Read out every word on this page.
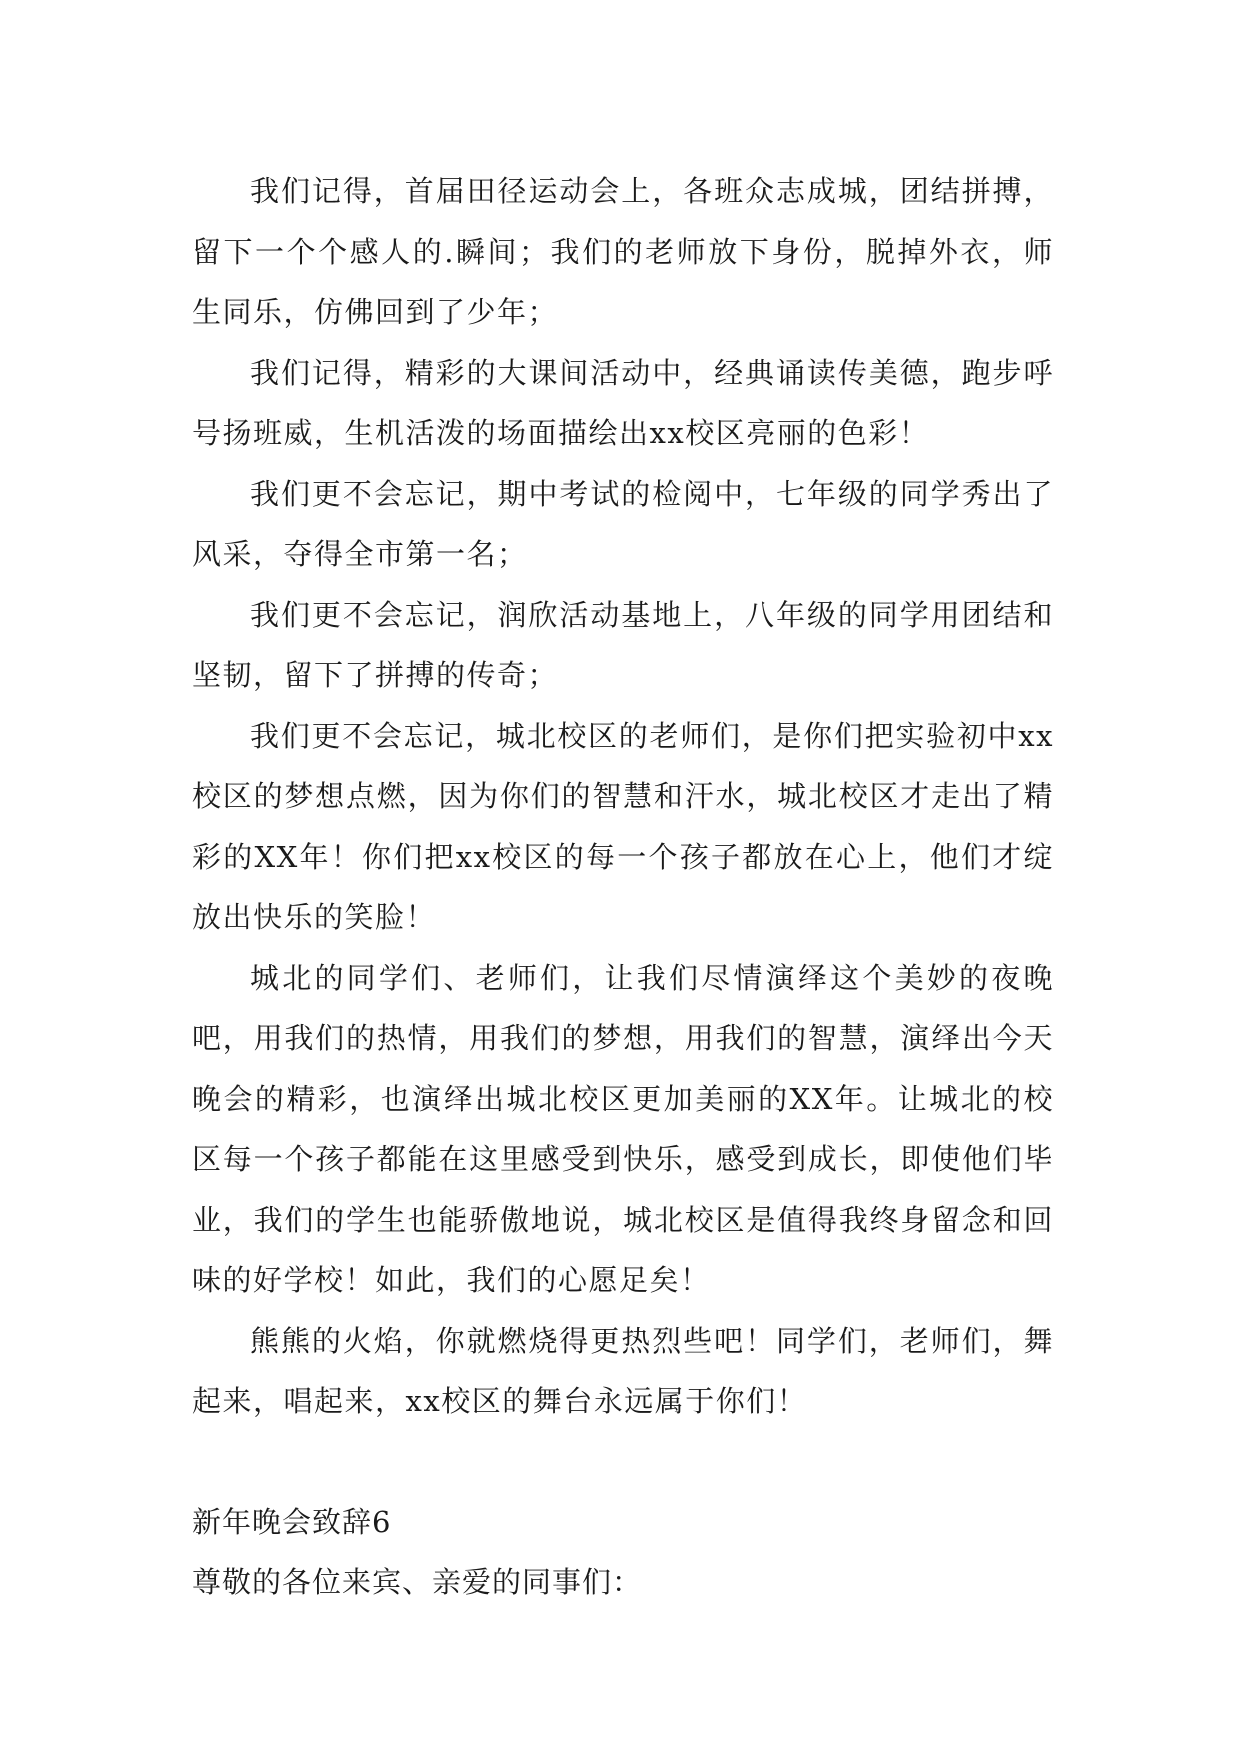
我们记得，首届田径运动会上，各班众志成城，团结拼搏，留下一个个感人的.瞬间；我们的老师放下身份，脱掉外衣，师生同乐，仿佛回到了少年；

我们记得，精彩的大课间活动中，经典诵读传美德，跑步呼号扬班威，生机活泼的场面描绘出xx校区亮丽的色彩！

我们更不会忘记，期中考试的检阅中，七年级的同学秀出了风采，夺得全市第一名；

我们更不会忘记，润欣活动基地上，八年级的同学用团结和坚韧，留下了拼搏的传奇；

我们更不会忘记，城北校区的老师们，是你们把实验初中xx校区的梦想点燃，因为你们的智慧和汗水，城北校区才走出了精彩的XX年！你们把xx校区的每一个孩子都放在心上，他们才绽放出快乐的笑脸！

城北的同学们、老师们，让我们尽情演绎这个美妙的夜晚吧，用我们的热情，用我们的梦想，用我们的智慧，演绎出今天晚会的精彩，也演绎出城北校区更加美丽的XX年。让城北的校区每一个孩子都能在这里感受到快乐，感受到成长，即使他们毕业，我们的学生也能骄傲地说，城北校区是值得我终身留念和回味的好学校！如此，我们的心愿足矣！

熊熊的火焰，你就燃烧得更热烈些吧！同学们，老师们，舞起来，唱起来，xx校区的舞台永远属于你们！

新年晚会致辞6

尊敬的各位来宾、亲爱的同事们：
